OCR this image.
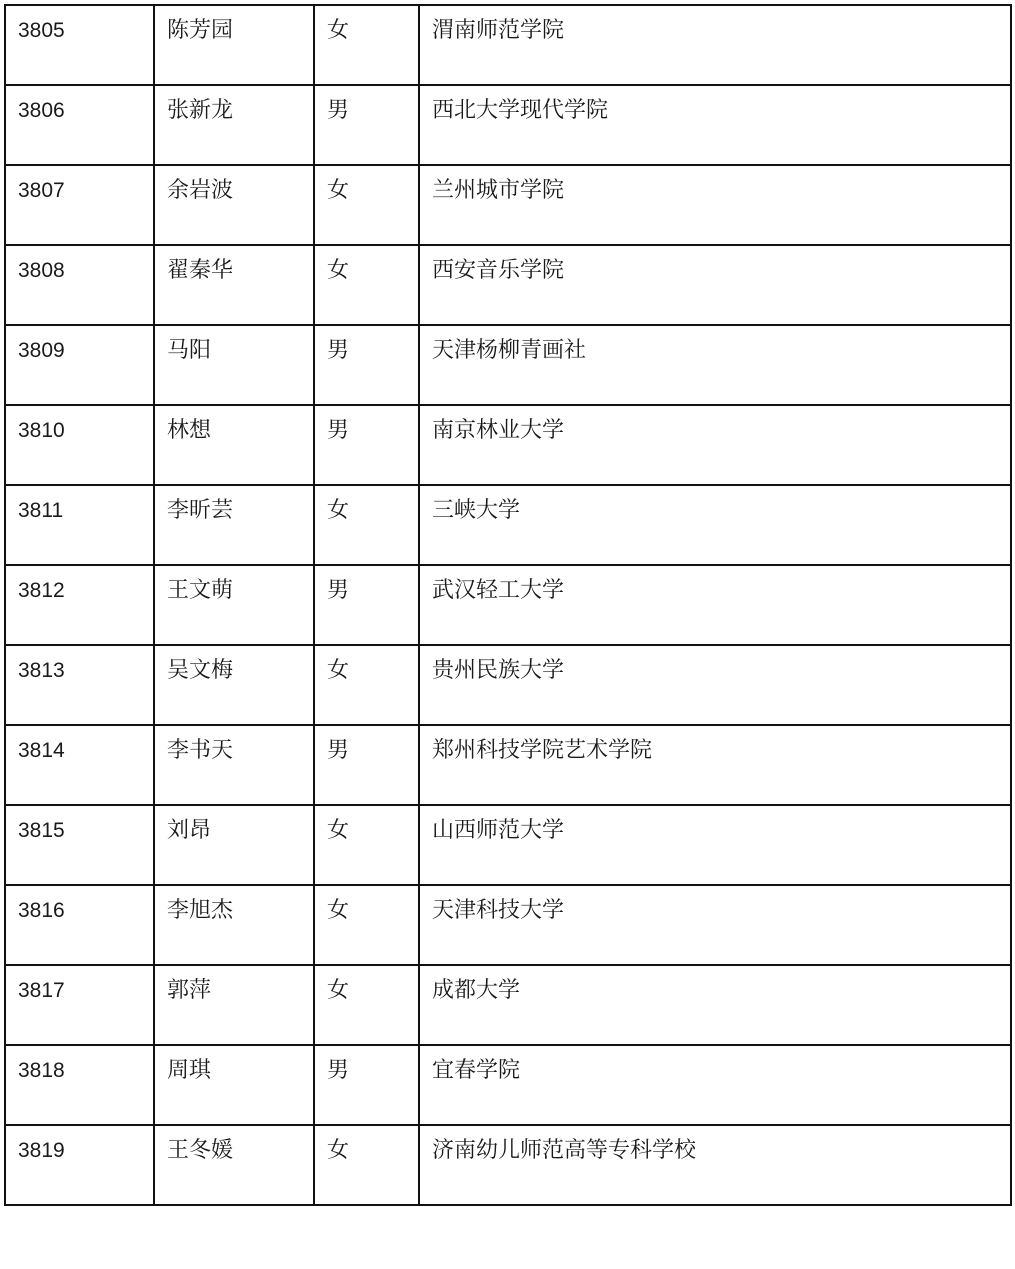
3805	陈芳园	女	渭南师范学院
3806	张新龙	男	西北大学现代学院
3807	余岩波	女	兰州城市学院
3808	翟秦华	女	西安音乐学院
3809	马阳	男	天津杨柳青画社
3810	林想	男	南京林业大学
3811	李昕芸	女	三峡大学
3812	王文萌	男	武汉轻工大学
3813	吴文梅	女	贵州民族大学
3814	李书天	男	郑州科技学院艺术学院
3815	刘昂	女	山西师范大学
3816	李旭杰	女	天津科技大学
3817	郭萍	女	成都大学
3818	周琪	男	宜春学院
3819	王冬媛	女	济南幼儿师范高等专科学校
